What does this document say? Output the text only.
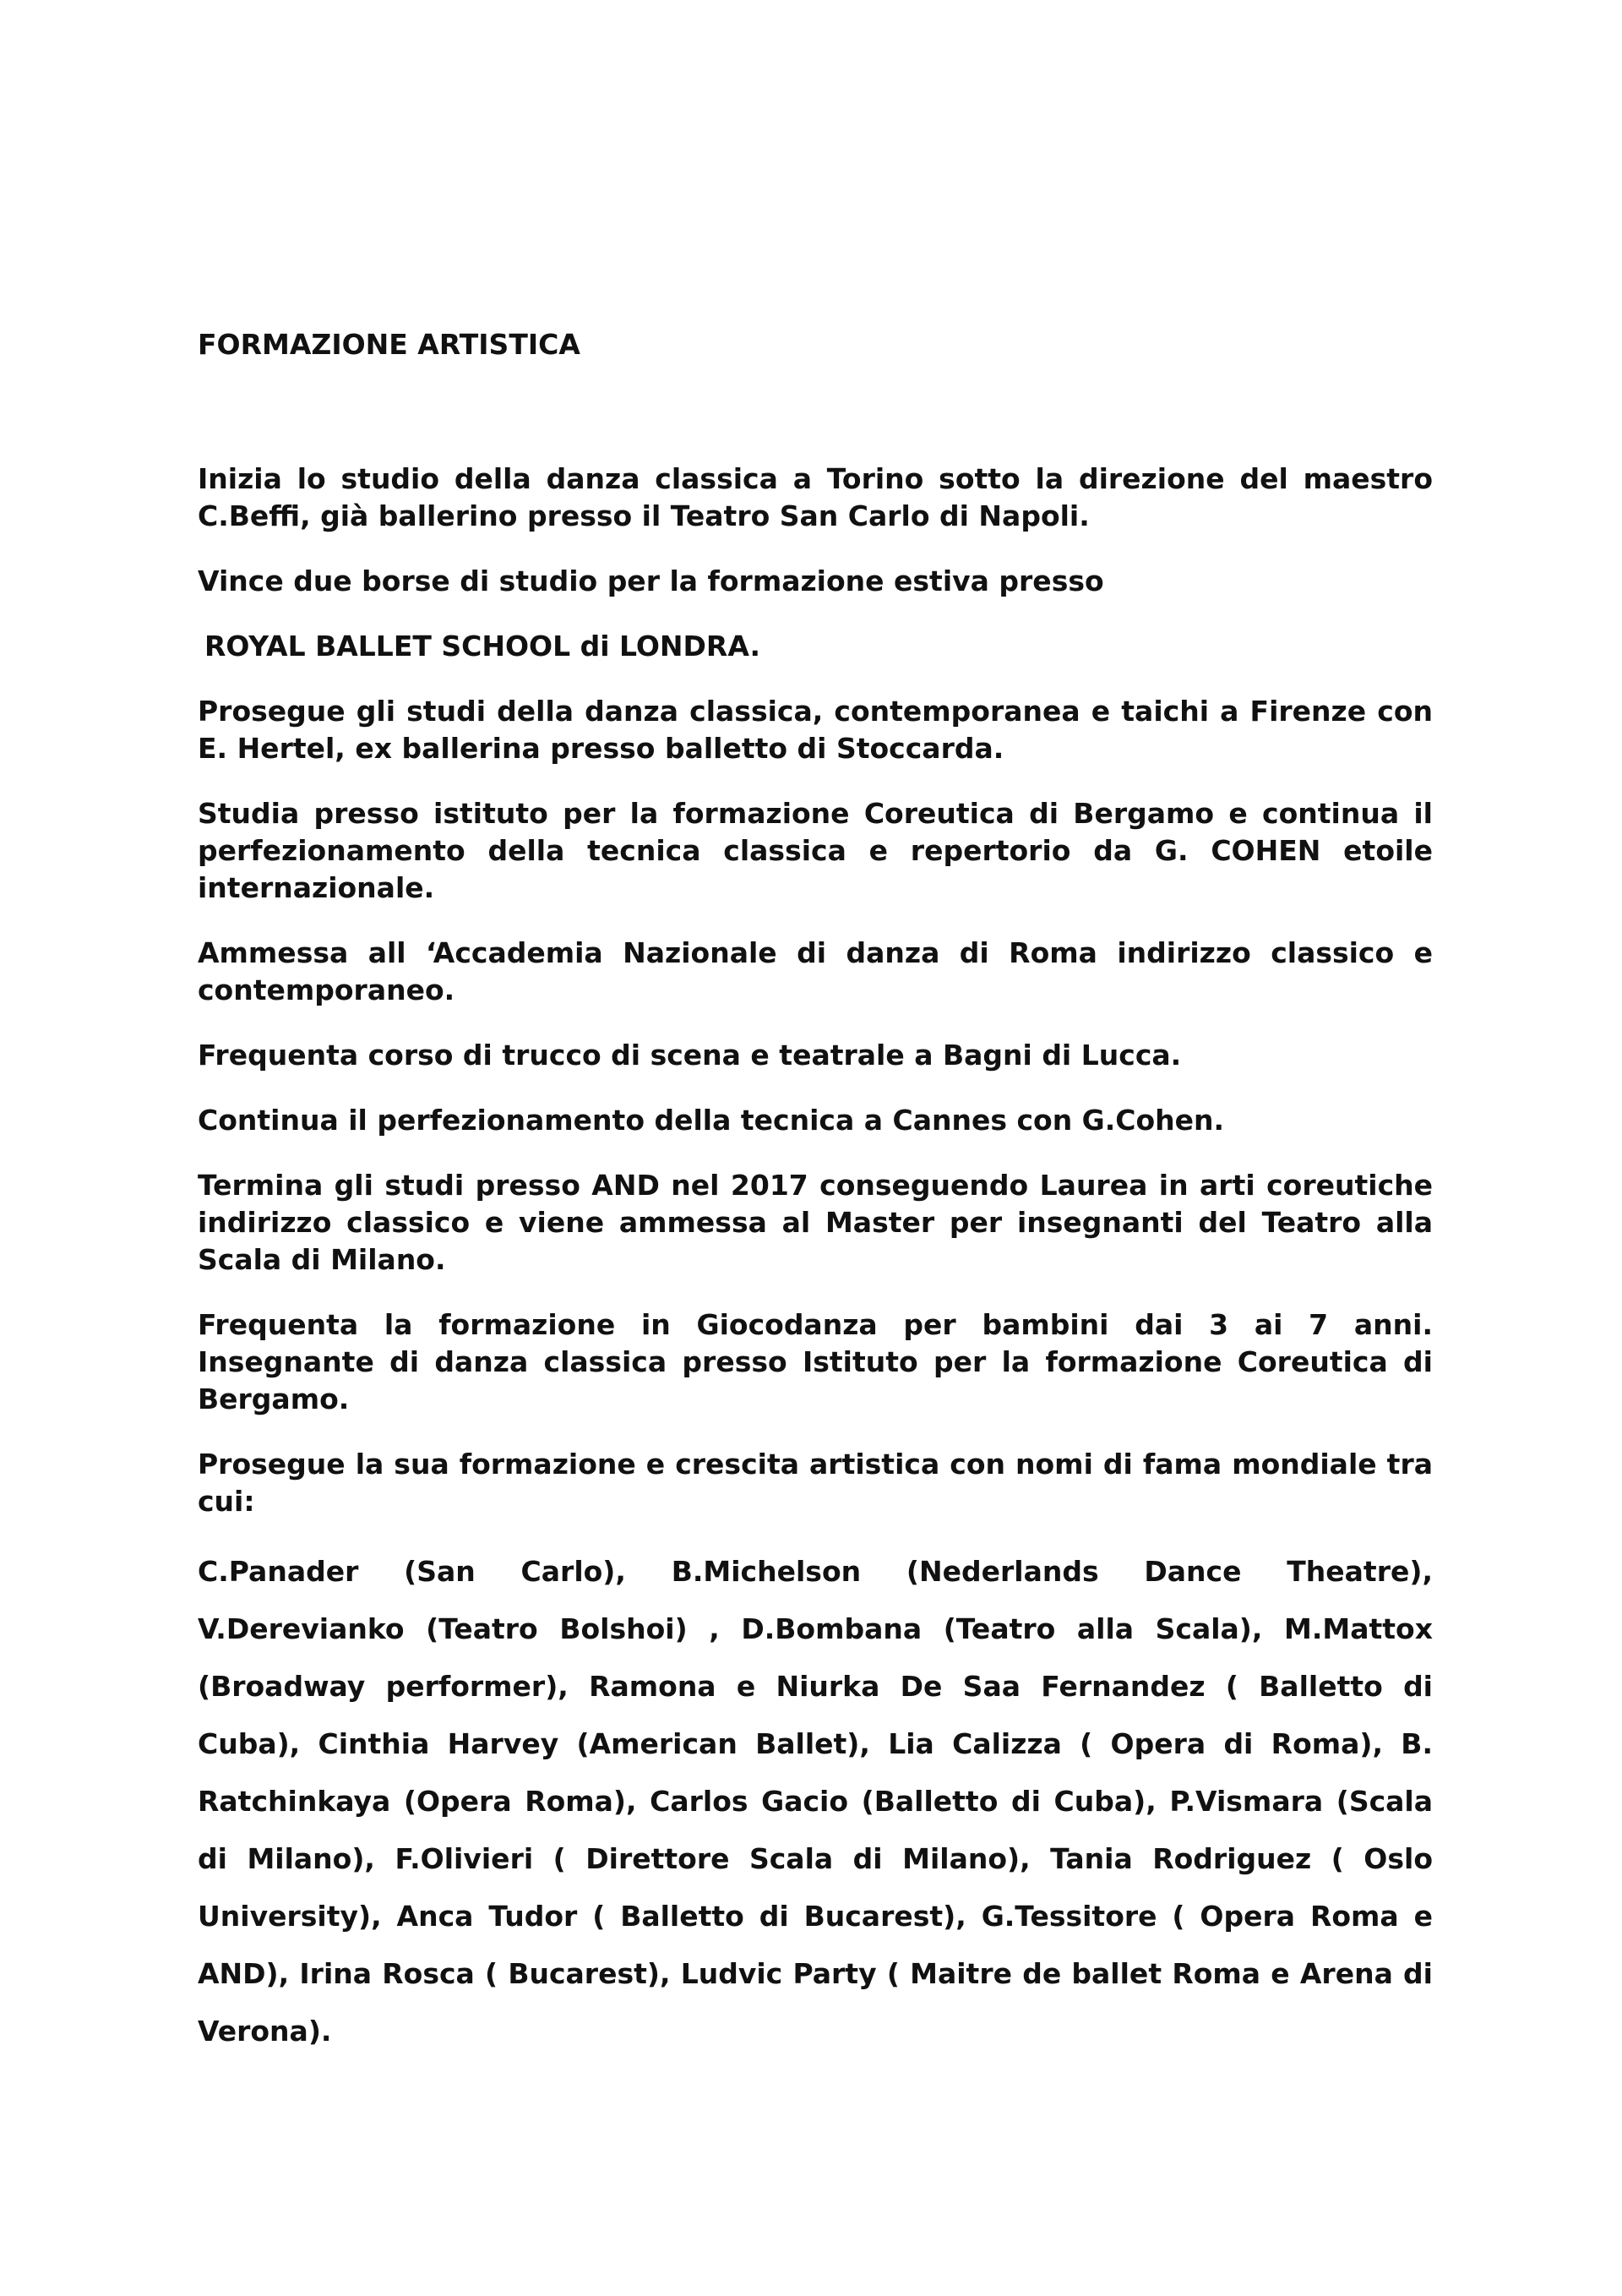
FORMAZIONE ARTISTICA

Inizia lo studio della danza classica a Torino sotto la direzione del maestro C.Beffi, già ballerino presso il Teatro San Carlo di Napoli.

Vince due borse di studio per la formazione estiva presso

ROYAL BALLET SCHOOL di LONDRA.

Prosegue gli studi della danza classica, contemporanea e taichi a Firenze con E. Hertel, ex ballerina presso balletto di Stoccarda.

Studia presso istituto per la formazione Coreutica di Bergamo e continua il perfezionamento della tecnica classica e repertorio da G. COHEN etoile internazionale.

Ammessa all ‘Accademia Nazionale di danza di Roma indirizzo classico e contemporaneo.

Frequenta corso di trucco di scena e teatrale a Bagni di Lucca.

Continua il perfezionamento della tecnica a Cannes con G.Cohen.

Termina gli studi presso AND nel 2017 conseguendo Laurea in arti coreutiche indirizzo classico e viene ammessa al Master per insegnanti del Teatro alla Scala di Milano.

Frequenta la formazione in Giocodanza per bambini dai 3 ai 7 anni. Insegnante di danza classica presso Istituto per la formazione Coreutica di Bergamo.

Prosegue la sua formazione e crescita artistica con nomi di fama mondiale tra cui:

C.Panader (San Carlo), B.Michelson (Nederlands Dance Theatre), V.Derevianko (Teatro Bolshoi) , D.Bombana (Teatro alla Scala), M.Mattox (Broadway performer), Ramona e Niurka De Saa Fernandez ( Balletto di Cuba), Cinthia Harvey (American Ballet), Lia Calizza ( Opera di Roma), B. Ratchinkaya (Opera Roma), Carlos Gacio (Balletto di Cuba), P.Vismara (Scala di Milano), F.Olivieri ( Direttore Scala di Milano), Tania Rodriguez ( Oslo University), Anca Tudor ( Balletto di Bucarest), G.Tessitore ( Opera Roma e AND), Irina Rosca ( Bucarest), Ludvic Party ( Maitre de ballet Roma e Arena di Verona).
